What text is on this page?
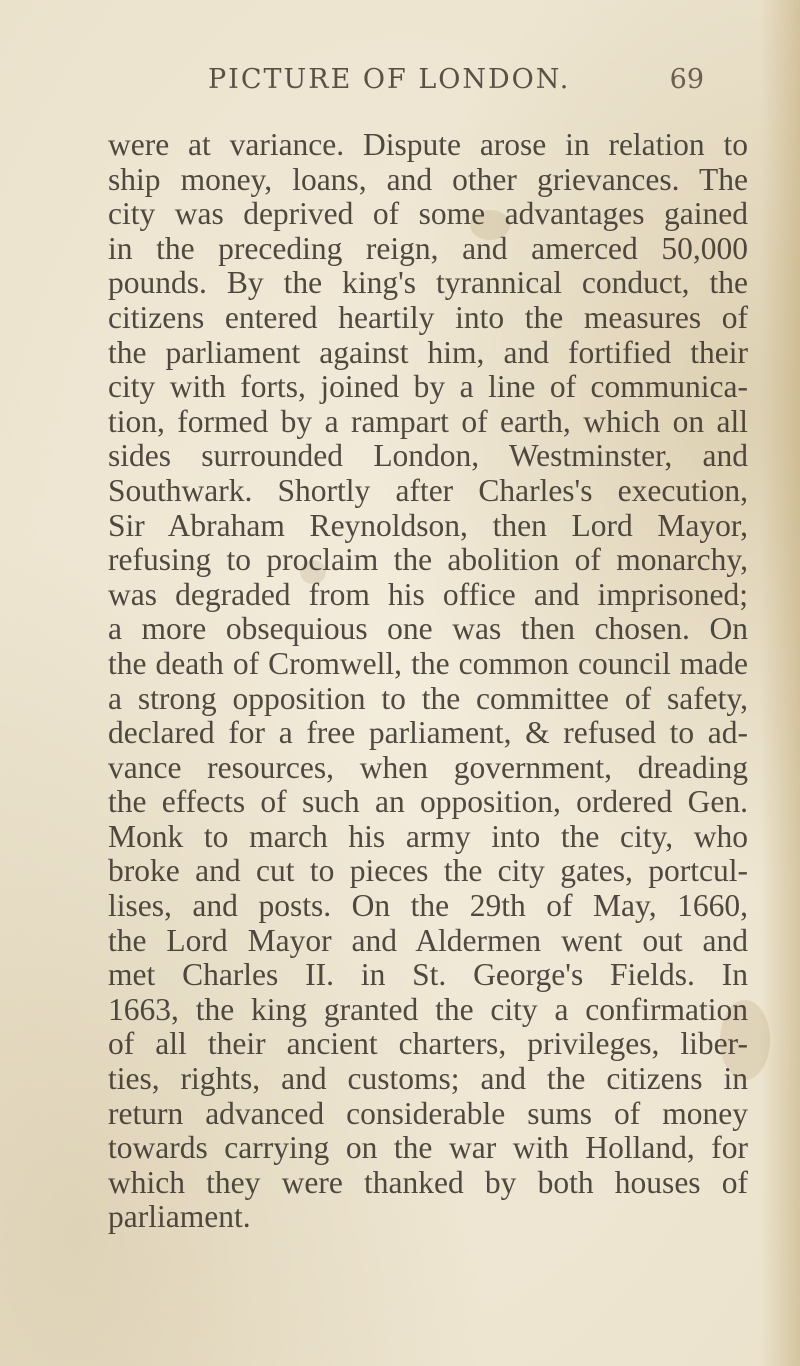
PICTURE OF LONDON.	69
were at variance. Dispute arose in relation to
ship money, loans, and other grievances. The
city was deprived of some advantages gained
in the preceding reign, and amerced 50,000
pounds. By the king's tyrannical conduct, the
citizens entered heartily into the measures of
the parliament against him, and fortified their
city with forts, joined by a line of communica-
tion, formed by a rampart of earth, which on all
sides surrounded London, Westminster, and
Southwark. Shortly after Charles's execution,
Sir Abraham Reynoldson, then Lord Mayor,
refusing to proclaim the abolition of monarchy,
was degraded from his office and imprisoned;
a more obsequious one was then chosen. On
the death of Cromwell, the common council made
a strong opposition to the committee of safety,
declared for a free parliament, & refused to ad-
vance resources, when government, dreading
the effects of such an opposition, ordered Gen.
Monk to march his army into the city, who
broke and cut to pieces the city gates, portcul-
lises, and posts. On the 29th of May, 1660,
the Lord Mayor and Aldermen went out and
met Charles II. in St. George's Fields. In
1663, the king granted the city a confirmation
of all their ancient charters, privileges, liber-
ties, rights, and customs; and the citizens in
return advanced considerable sums of money
towards carrying on the war with Holland, for
which they were thanked by both houses of
parliament.
